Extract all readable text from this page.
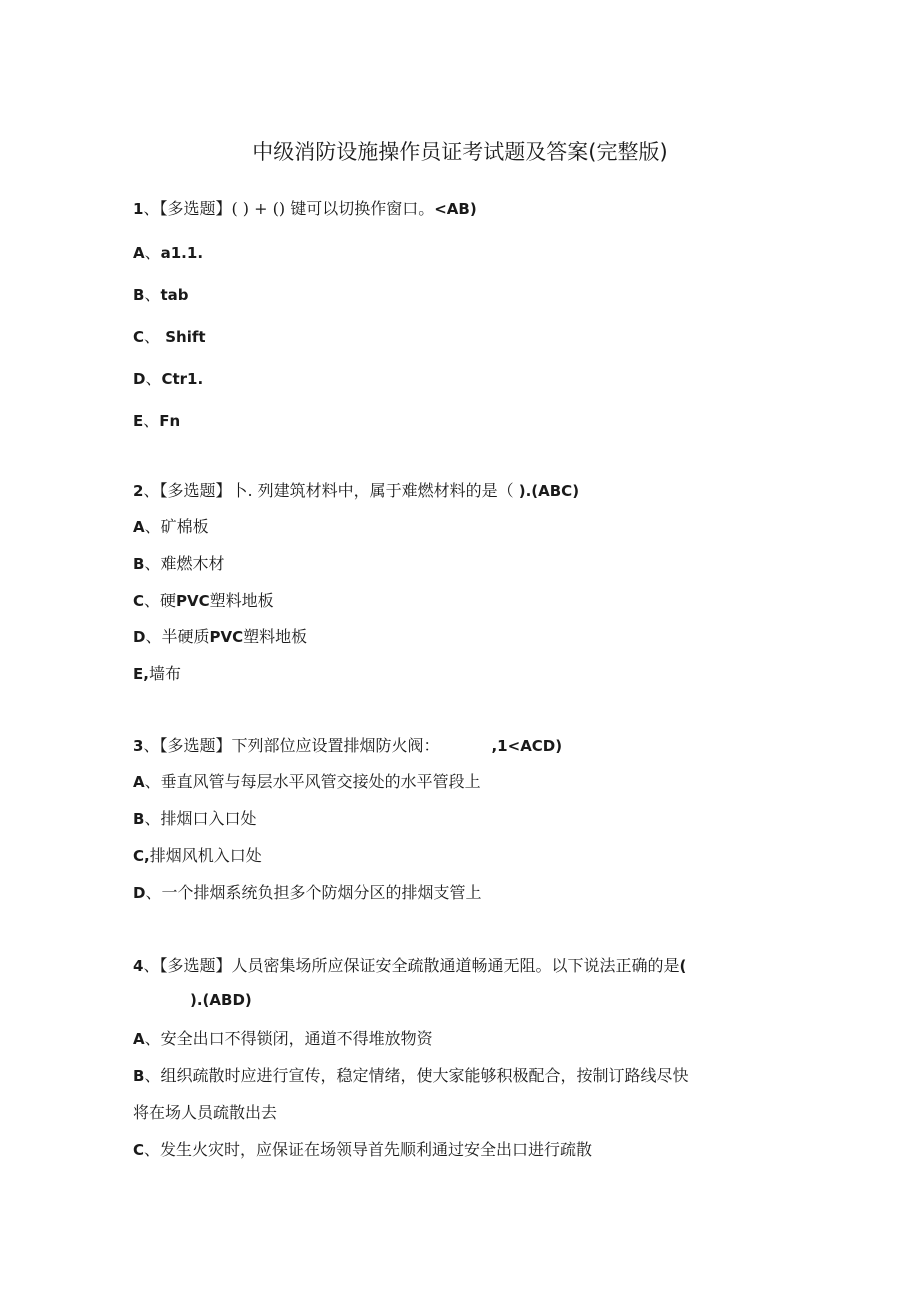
中级消防设施操作员证考试题及答案(完整版)
1、【多选题】( ) + () 键可以切换作窗口。<AB)
A、a1.1.
B、tab
C、 Shift
D、Ctr1.
E、Fn
2、【多选题】卜. 列建筑材料中，属于难燃材料的是（ ).(ABC)
A、矿棉板
B、难燃木材
C、硬PVC塑料地板
D、半硬质PVC塑料地板
E,墙布
3、【多选题】下列部位应设置排烟防火阀：	,1<ACD)
A、垂直风管与每层水平风管交接处的水平管段上
B、排烟口入口处
C,排烟风机入口处
D、一个排烟系统负担多个防烟分区的排烟支管上
4、【多选题】人员密集场所应保证安全疏散通道畅通无阻。以下说法正确的是(
).(ABD)
A、安全出口不得锁闭，通道不得堆放物资
B、组织疏散时应进行宣传，稳定情绪，使大家能够积极配合，按制订路线尽快
将在场人员疏散出去
C、发生火灾时，应保证在场领导首先顺利通过安全出口进行疏散
